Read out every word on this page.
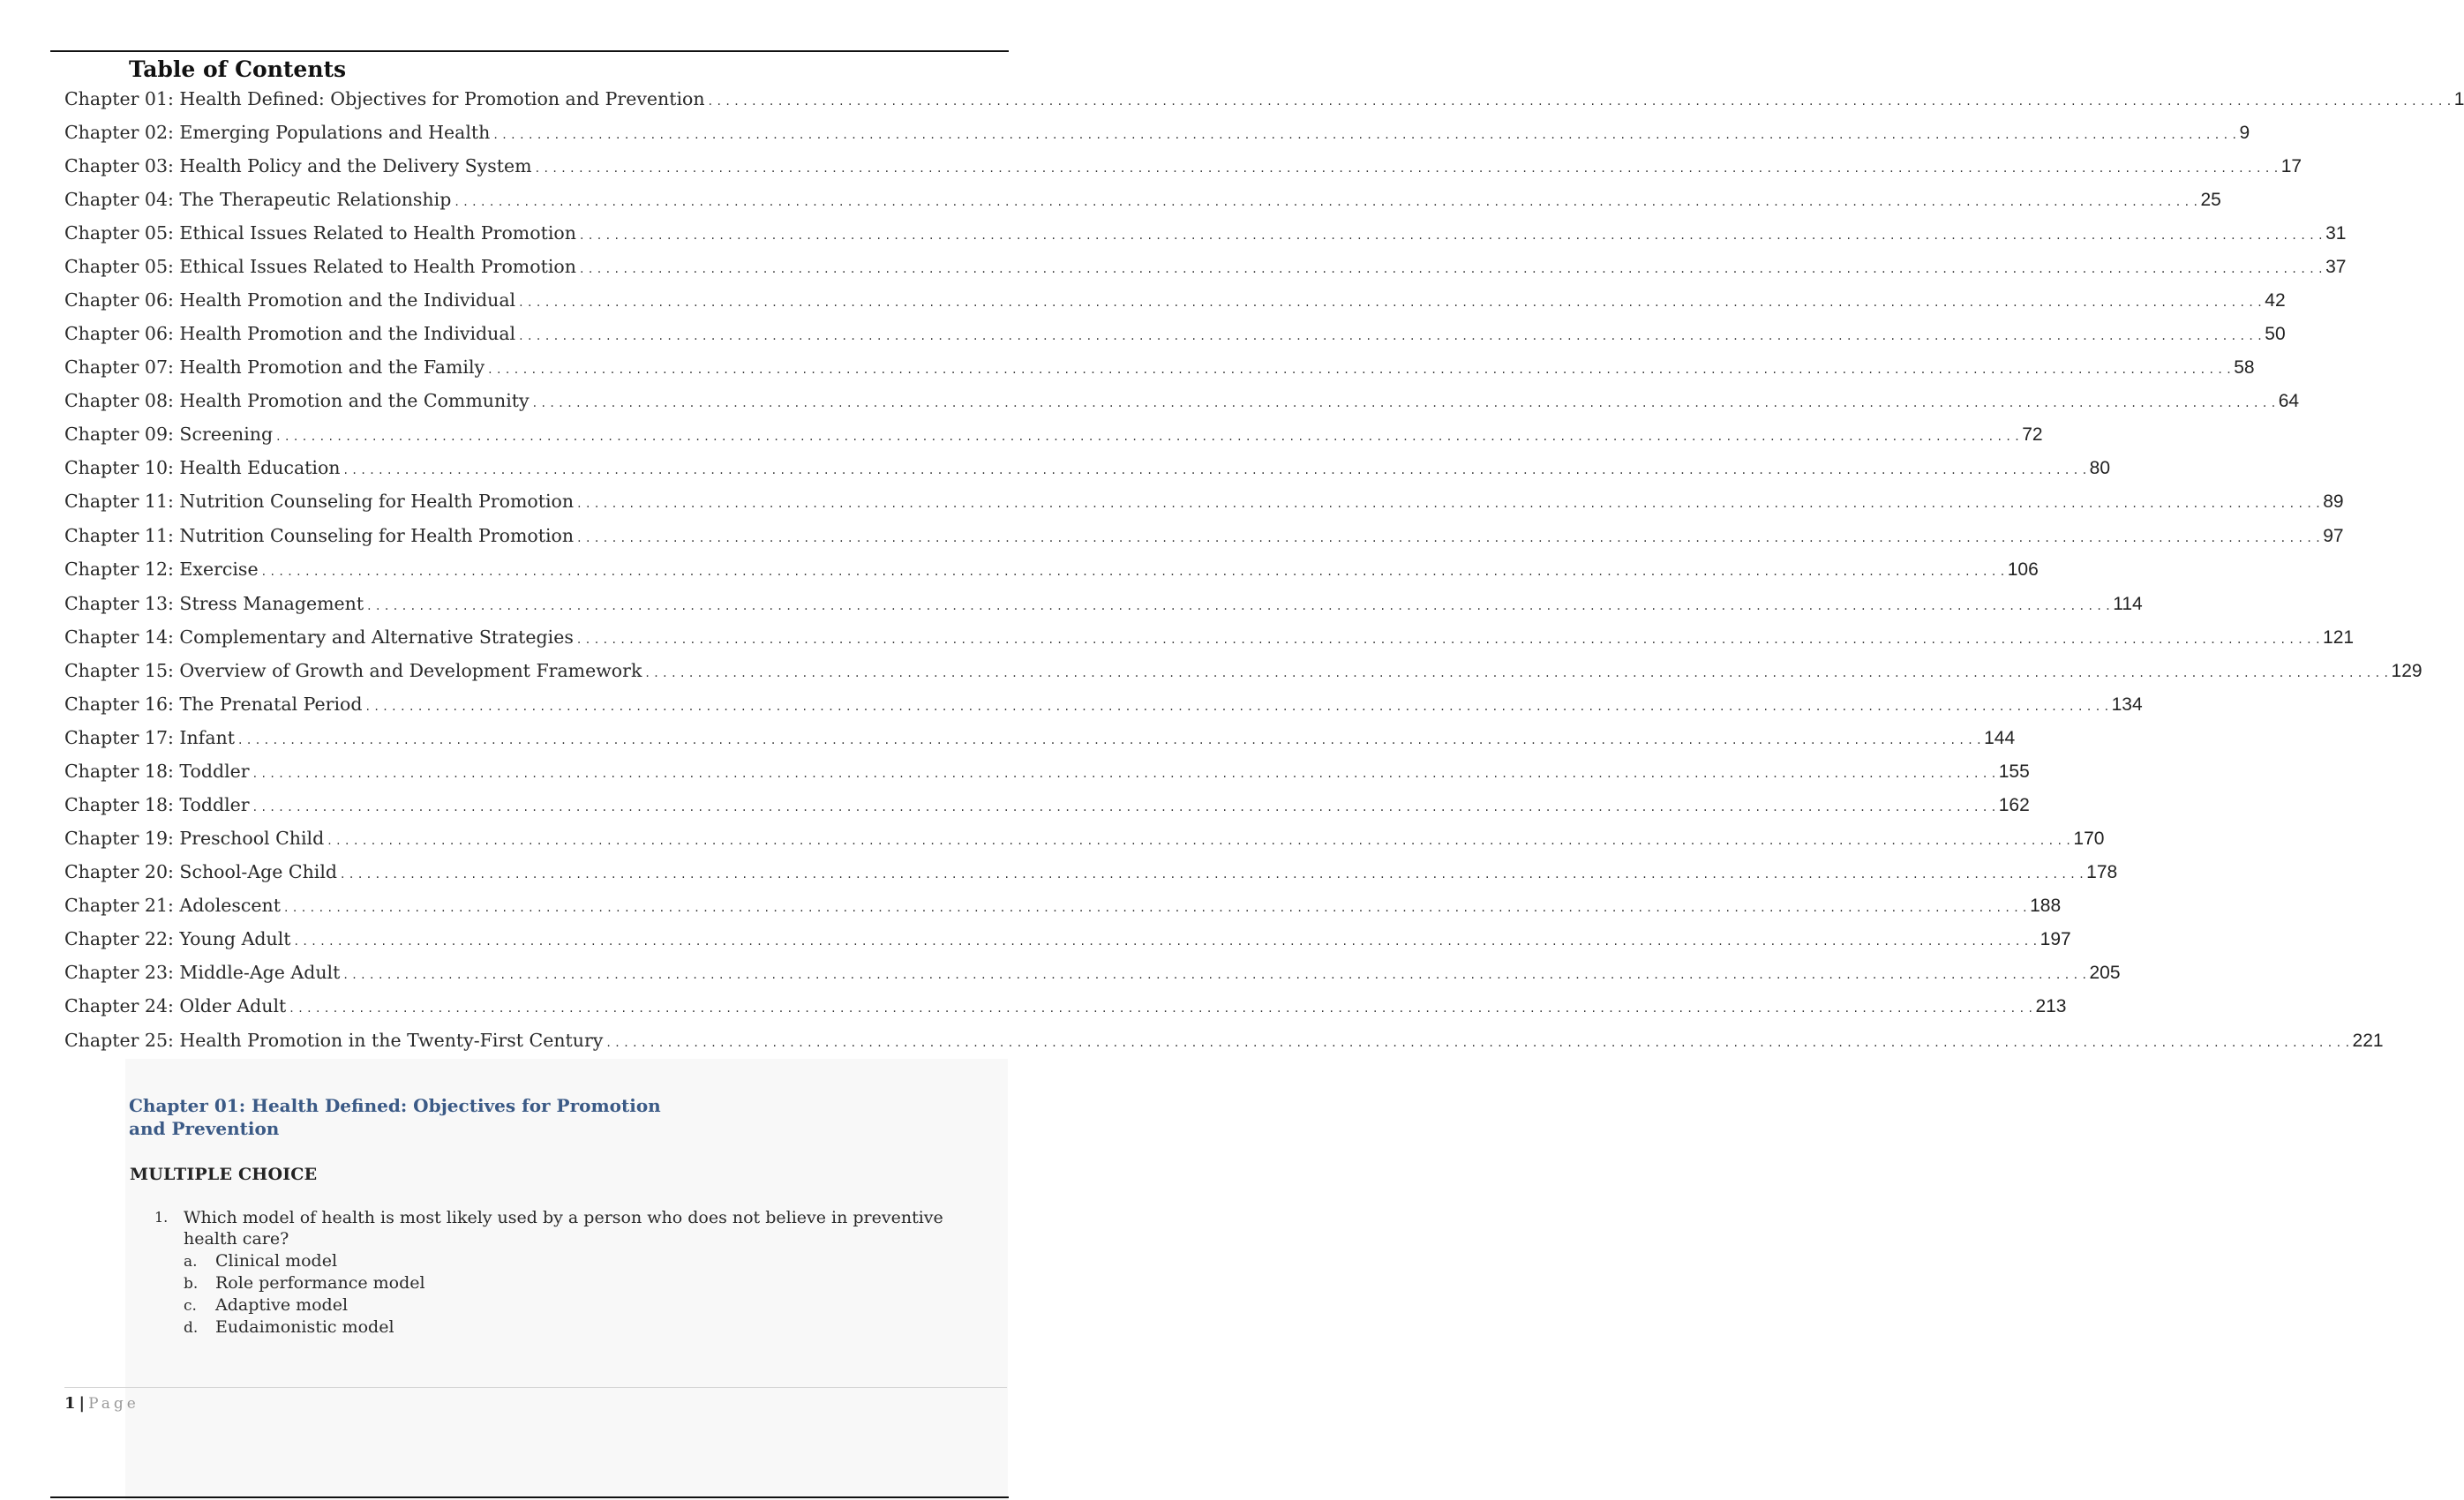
Table of Contents
Chapter 01: Health Defined: Objectives for Promotion and Prevention . . . . . . . . . . . . . . . . . . . . . . . . . . . . . . . . . . . . . . . . . . . . . . . . . . . . . . . . . . . . . . . . . . . . . . . . . . . . . . . . . . . . . . . . . . . . . . . . . . . . . . . . . . . . . . . . . . . . . . . . . . . . . . . . . . . . . . . . . . . . . . . . . . . . . . . . . . . . . . . . . . . . . . . . . . . . . . . . . . . . . . . . . . . . . . . . . . . . . . . . 1
Chapter 02: Emerging Populations and Health . . . . . . . . . . . . . . . . . . . . . . . . . . . . . . . . . . . . . . . . . . . . . . . . . . . . . . . . . . . . . . . . . . . . . . . . . . . . . . . . . . . . . . . . . . . . . . . . . . . . . . . . . . . . . . . . . . . . . . . . . . . . . . . . . . . . . . . . . . . . . . . . . . . . . . . . . . . . . . . . . . . . . . . . . . . . . . . . . . . . . . . . . . . . . . . . . . . . . . . . 9
Chapter 03: Health Policy and the Delivery System . . . . . . . . . . . . . . . . . . . . . . . . . . . . . . . . . . . . . . . . . . . . . . . . . . . . . . . . . . . . . . . . . . . . . . . . . . . . . . . . . . . . . . . . . . . . . . . . . . . . . . . . . . . . . . . . . . . . . . . . . . . . . . . . . . . . . . . . . . . . . . . . . . . . . . . . . . . . . . . . . . . . . . . . . . . . . . . . . . . . . . . . . . . . . . . . . . . . . . . . 17
Chapter 04: The Therapeutic Relationship . . . . . . . . . . . . . . . . . . . . . . . . . . . . . . . . . . . . . . . . . . . . . . . . . . . . . . . . . . . . . . . . . . . . . . . . . . . . . . . . . . . . . . . . . . . . . . . . . . . . . . . . . . . . . . . . . . . . . . . . . . . . . . . . . . . . . . . . . . . . . . . . . . . . . . . . . . . . . . . . . . . . . . . . . . . . . . . . . . . . . . . . . . . . . . . . . . . . . . . . 25
Chapter 05: Ethical Issues Related to Health Promotion . . . . . . . . . . . . . . . . . . . . . . . . . . . . . . . . . . . . . . . . . . . . . . . . . . . . . . . . . . . . . . . . . . . . . . . . . . . . . . . . . . . . . . . . . . . . . . . . . . . . . . . . . . . . . . . . . . . . . . . . . . . . . . . . . . . . . . . . . . . . . . . . . . . . . . . . . . . . . . . . . . . . . . . . . . . . . . . . . . . . . . . . . . . . . . . . . . . . . . . . 31
Chapter 05: Ethical Issues Related to Health Promotion . . . . . . . . . . . . . . . . . . . . . . . . . . . . . . . . . . . . . . . . . . . . . . . . . . . . . . . . . . . . . . . . . . . . . . . . . . . . . . . . . . . . . . . . . . . . . . . . . . . . . . . . . . . . . . . . . . . . . . . . . . . . . . . . . . . . . . . . . . . . . . . . . . . . . . . . . . . . . . . . . . . . . . . . . . . . . . . . . . . . . . . . . . . . . . . . . . . . . . . . 37
Chapter 06: Health Promotion and the Individual . . . . . . . . . . . . . . . . . . . . . . . . . . . . . . . . . . . . . . . . . . . . . . . . . . . . . . . . . . . . . . . . . . . . . . . . . . . . . . . . . . . . . . . . . . . . . . . . . . . . . . . . . . . . . . . . . . . . . . . . . . . . . . . . . . . . . . . . . . . . . . . . . . . . . . . . . . . . . . . . . . . . . . . . . . . . . . . . . . . . . . . . . . . . . . . . . . . . . . . . 42
Chapter 06: Health Promotion and the Individual . . . . . . . . . . . . . . . . . . . . . . . . . . . . . . . . . . . . . . . . . . . . . . . . . . . . . . . . . . . . . . . . . . . . . . . . . . . . . . . . . . . . . . . . . . . . . . . . . . . . . . . . . . . . . . . . . . . . . . . . . . . . . . . . . . . . . . . . . . . . . . . . . . . . . . . . . . . . . . . . . . . . . . . . . . . . . . . . . . . . . . . . . . . . . . . . . . . . . . . . 50
Chapter 07: Health Promotion and the Family . . . . . . . . . . . . . . . . . . . . . . . . . . . . . . . . . . . . . . . . . . . . . . . . . . . . . . . . . . . . . . . . . . . . . . . . . . . . . . . . . . . . . . . . . . . . . . . . . . . . . . . . . . . . . . . . . . . . . . . . . . . . . . . . . . . . . . . . . . . . . . . . . . . . . . . . . . . . . . . . . . . . . . . . . . . . . . . . . . . . . . . . . . . . . . . . . . . . . . . . 58
Chapter 08: Health Promotion and the Community . . . . . . . . . . . . . . . . . . . . . . . . . . . . . . . . . . . . . . . . . . . . . . . . . . . . . . . . . . . . . . . . . . . . . . . . . . . . . . . . . . . . . . . . . . . . . . . . . . . . . . . . . . . . . . . . . . . . . . . . . . . . . . . . . . . . . . . . . . . . . . . . . . . . . . . . . . . . . . . . . . . . . . . . . . . . . . . . . . . . . . . . . . . . . . . . . . . . . . . . 64
Chapter 09: Screening . . . . . . . . . . . . . . . . . . . . . . . . . . . . . . . . . . . . . . . . . . . . . . . . . . . . . . . . . . . . . . . . . . . . . . . . . . . . . . . . . . . . . . . . . . . . . . . . . . . . . . . . . . . . . . . . . . . . . . . . . . . . . . . . . . . . . . . . . . . . . . . . . . . . . . . . . . . . . . . . . . . . . . . . . . . . . . . . . . . . . . . . . . . . . . . . . . . . . . . . 72
Chapter 10: Health Education . . . . . . . . . . . . . . . . . . . . . . . . . . . . . . . . . . . . . . . . . . . . . . . . . . . . . . . . . . . . . . . . . . . . . . . . . . . . . . . . . . . . . . . . . . . . . . . . . . . . . . . . . . . . . . . . . . . . . . . . . . . . . . . . . . . . . . . . . . . . . . . . . . . . . . . . . . . . . . . . . . . . . . . . . . . . . . . . . . . . . . . . . . . . . . . . . . . . . . . . 80
Chapter 11: Nutrition Counseling for Health Promotion . . . . . . . . . . . . . . . . . . . . . . . . . . . . . . . . . . . . . . . . . . . . . . . . . . . . . . . . . . . . . . . . . . . . . . . . . . . . . . . . . . . . . . . . . . . . . . . . . . . . . . . . . . . . . . . . . . . . . . . . . . . . . . . . . . . . . . . . . . . . . . . . . . . . . . . . . . . . . . . . . . . . . . . . . . . . . . . . . . . . . . . . . . . . . . . . . . . . . . . . 89
Chapter 11: Nutrition Counseling for Health Promotion . . . . . . . . . . . . . . . . . . . . . . . . . . . . . . . . . . . . . . . . . . . . . . . . . . . . . . . . . . . . . . . . . . . . . . . . . . . . . . . . . . . . . . . . . . . . . . . . . . . . . . . . . . . . . . . . . . . . . . . . . . . . . . . . . . . . . . . . . . . . . . . . . . . . . . . . . . . . . . . . . . . . . . . . . . . . . . . . . . . . . . . . . . . . . . . . . . . . . . . . 97
Chapter 12: Exercise . . . . . . . . . . . . . . . . . . . . . . . . . . . . . . . . . . . . . . . . . . . . . . . . . . . . . . . . . . . . . . . . . . . . . . . . . . . . . . . . . . . . . . . . . . . . . . . . . . . . . . . . . . . . . . . . . . . . . . . . . . . . . . . . . . . . . . . . . . . . . . . . . . . . . . . . . . . . . . . . . . . . . . . . . . . . . . . . . . . . . . . . . . . . . . . . . . . . . . . . 106
Chapter 13: Stress Management . . . . . . . . . . . . . . . . . . . . . . . . . . . . . . . . . . . . . . . . . . . . . . . . . . . . . . . . . . . . . . . . . . . . . . . . . . . . . . . . . . . . . . . . . . . . . . . . . . . . . . . . . . . . . . . . . . . . . . . . . . . . . . . . . . . . . . . . . . . . . . . . . . . . . . . . . . . . . . . . . . . . . . . . . . . . . . . . . . . . . . . . . . . . . . . . . . . . . . . . 114
Chapter 14: Complementary and Alternative Strategies . . . . . . . . . . . . . . . . . . . . . . . . . . . . . . . . . . . . . . . . . . . . . . . . . . . . . . . . . . . . . . . . . . . . . . . . . . . . . . . . . . . . . . . . . . . . . . . . . . . . . . . . . . . . . . . . . . . . . . . . . . . . . . . . . . . . . . . . . . . . . . . . . . . . . . . . . . . . . . . . . . . . . . . . . . . . . . . . . . . . . . . . . . . . . . . . . . . . . . . . 121
Chapter 15: Overview of Growth and Development Framework . . . . . . . . . . . . . . . . . . . . . . . . . . . . . . . . . . . . . . . . . . . . . . . . . . . . . . . . . . . . . . . . . . . . . . . . . . . . . . . . . . . . . . . . . . . . . . . . . . . . . . . . . . . . . . . . . . . . . . . . . . . . . . . . . . . . . . . . . . . . . . . . . . . . . . . . . . . . . . . . . . . . . . . . . . . . . . . . . . . . . . . . . . . . . . . . . . . . . . . . 129
Chapter 16: The Prenatal Period . . . . . . . . . . . . . . . . . . . . . . . . . . . . . . . . . . . . . . . . . . . . . . . . . . . . . . . . . . . . . . . . . . . . . . . . . . . . . . . . . . . . . . . . . . . . . . . . . . . . . . . . . . . . . . . . . . . . . . . . . . . . . . . . . . . . . . . . . . . . . . . . . . . . . . . . . . . . . . . . . . . . . . . . . . . . . . . . . . . . . . . . . . . . . . . . . . . . . . . . 134
Chapter 17: Infant . . . . . . . . . . . . . . . . . . . . . . . . . . . . . . . . . . . . . . . . . . . . . . . . . . . . . . . . . . . . . . . . . . . . . . . . . . . . . . . . . . . . . . . . . . . . . . . . . . . . . . . . . . . . . . . . . . . . . . . . . . . . . . . . . . . . . . . . . . . . . . . . . . . . . . . . . . . . . . . . . . . . . . . . . . . . . . . . . . . . . . . . . . . . . . . . . . . . . . . . 144
Chapter 18: Toddler . . . . . . . . . . . . . . . . . . . . . . . . . . . . . . . . . . . . . . . . . . . . . . . . . . . . . . . . . . . . . . . . . . . . . . . . . . . . . . . . . . . . . . . . . . . . . . . . . . . . . . . . . . . . . . . . . . . . . . . . . . . . . . . . . . . . . . . . . . . . . . . . . . . . . . . . . . . . . . . . . . . . . . . . . . . . . . . . . . . . . . . . . . . . . . . . . . . . . . . . 155
Chapter 18: Toddler . . . . . . . . . . . . . . . . . . . . . . . . . . . . . . . . . . . . . . . . . . . . . . . . . . . . . . . . . . . . . . . . . . . . . . . . . . . . . . . . . . . . . . . . . . . . . . . . . . . . . . . . . . . . . . . . . . . . . . . . . . . . . . . . . . . . . . . . . . . . . . . . . . . . . . . . . . . . . . . . . . . . . . . . . . . . . . . . . . . . . . . . . . . . . . . . . . . . . . . . 162
Chapter 19: Preschool Child . . . . . . . . . . . . . . . . . . . . . . . . . . . . . . . . . . . . . . . . . . . . . . . . . . . . . . . . . . . . . . . . . . . . . . . . . . . . . . . . . . . . . . . . . . . . . . . . . . . . . . . . . . . . . . . . . . . . . . . . . . . . . . . . . . . . . . . . . . . . . . . . . . . . . . . . . . . . . . . . . . . . . . . . . . . . . . . . . . . . . . . . . . . . . . . . . . . . . . . . 170
Chapter 20: School-Age Child . . . . . . . . . . . . . . . . . . . . . . . . . . . . . . . . . . . . . . . . . . . . . . . . . . . . . . . . . . . . . . . . . . . . . . . . . . . . . . . . . . . . . . . . . . . . . . . . . . . . . . . . . . . . . . . . . . . . . . . . . . . . . . . . . . . . . . . . . . . . . . . . . . . . . . . . . . . . . . . . . . . . . . . . . . . . . . . . . . . . . . . . . . . . . . . . . . . . . . . . 178
Chapter 21: Adolescent . . . . . . . . . . . . . . . . . . . . . . . . . . . . . . . . . . . . . . . . . . . . . . . . . . . . . . . . . . . . . . . . . . . . . . . . . . . . . . . . . . . . . . . . . . . . . . . . . . . . . . . . . . . . . . . . . . . . . . . . . . . . . . . . . . . . . . . . . . . . . . . . . . . . . . . . . . . . . . . . . . . . . . . . . . . . . . . . . . . . . . . . . . . . . . . . . . . . . . . . 188
Chapter 22: Young Adult . . . . . . . . . . . . . . . . . . . . . . . . . . . . . . . . . . . . . . . . . . . . . . . . . . . . . . . . . . . . . . . . . . . . . . . . . . . . . . . . . . . . . . . . . . . . . . . . . . . . . . . . . . . . . . . . . . . . . . . . . . . . . . . . . . . . . . . . . . . . . . . . . . . . . . . . . . . . . . . . . . . . . . . . . . . . . . . . . . . . . . . . . . . . . . . . . . . . . . . . 197
Chapter 23: Middle-Age Adult . . . . . . . . . . . . . . . . . . . . . . . . . . . . . . . . . . . . . . . . . . . . . . . . . . . . . . . . . . . . . . . . . . . . . . . . . . . . . . . . . . . . . . . . . . . . . . . . . . . . . . . . . . . . . . . . . . . . . . . . . . . . . . . . . . . . . . . . . . . . . . . . . . . . . . . . . . . . . . . . . . . . . . . . . . . . . . . . . . . . . . . . . . . . . . . . . . . . . . . . 205
Chapter 24: Older Adult . . . . . . . . . . . . . . . . . . . . . . . . . . . . . . . . . . . . . . . . . . . . . . . . . . . . . . . . . . . . . . . . . . . . . . . . . . . . . . . . . . . . . . . . . . . . . . . . . . . . . . . . . . . . . . . . . . . . . . . . . . . . . . . . . . . . . . . . . . . . . . . . . . . . . . . . . . . . . . . . . . . . . . . . . . . . . . . . . . . . . . . . . . . . . . . . . . . . . . . . 213
Chapter 25: Health Promotion in the Twenty-First Century . . . . . . . . . . . . . . . . . . . . . . . . . . . . . . . . . . . . . . . . . . . . . . . . . . . . . . . . . . . . . . . . . . . . . . . . . . . . . . . . . . . . . . . . . . . . . . . . . . . . . . . . . . . . . . . . . . . . . . . . . . . . . . . . . . . . . . . . . . . . . . . . . . . . . . . . . . . . . . . . . . . . . . . . . . . . . . . . . . . . . . . . . . . . . . . . . . . . . . . . 221
Chapter 01: Health Defined: Objectives for Promotion and Prevention
MULTIPLE CHOICE
1. Which model of health is most likely used by a person who does not believe in preventive health care?
a. Clinical model
b. Role performance model
c. Adaptive model
d. Eudaimonistic model
1 | Page
